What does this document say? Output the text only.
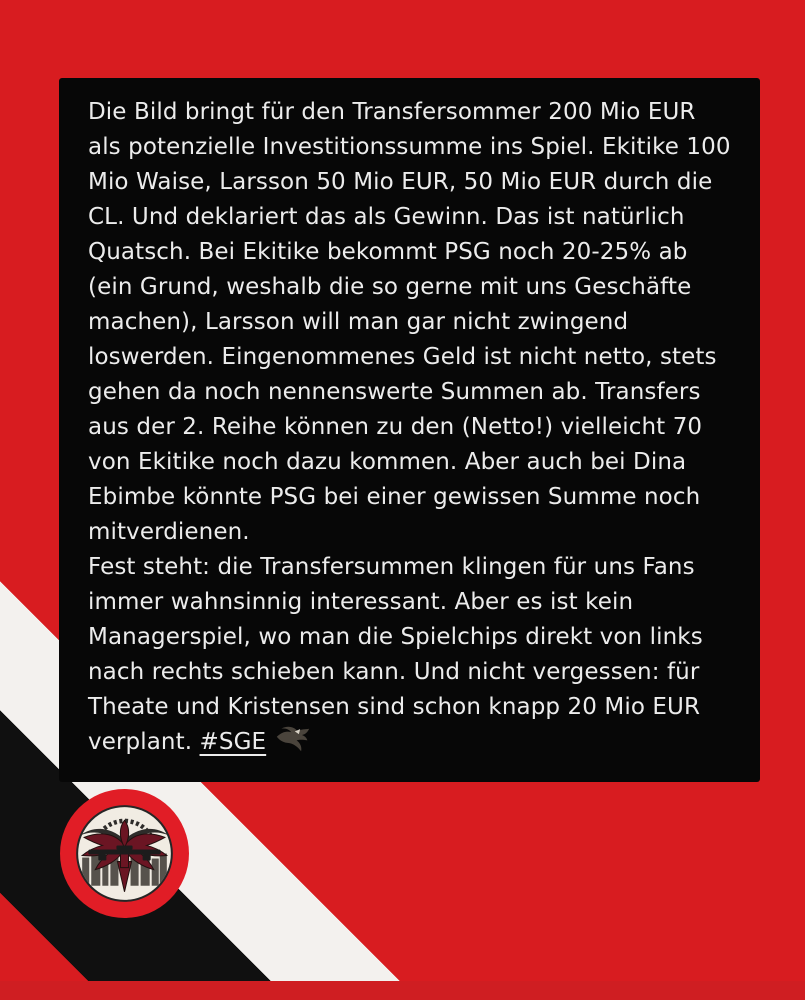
Die Bild bringt für den Transfersommer 200 Mio EUR
als potenzielle Investitionssumme ins Spiel. Ekitike 100
Mio Waise, Larsson 50 Mio EUR, 50 Mio EUR durch die
CL. Und deklariert das als Gewinn. Das ist natürlich
Quatsch. Bei Ekitike bekommt PSG noch 20-25% ab
(ein Grund, weshalb die so gerne mit uns Geschäfte
machen), Larsson will man gar nicht zwingend
loswerden. Eingenommenes Geld ist nicht netto, stets
gehen da noch nennenswerte Summen ab. Transfers
aus der 2. Reihe können zu den (Netto!) vielleicht 70
von Ekitike noch dazu kommen. Aber auch bei Dina
Ebimbe könnte PSG bei einer gewissen Summe noch
mitverdienen.
Fest steht: die Transfersummen klingen für uns Fans
immer wahnsinnig interessant. Aber es ist kein
Managerspiel, wo man die Spielchips direkt von links
nach rechts schieben kann. Und nicht vergessen: für
Theate und Kristensen sind schon knapp 20 Mio EUR
verplant. #SGE
